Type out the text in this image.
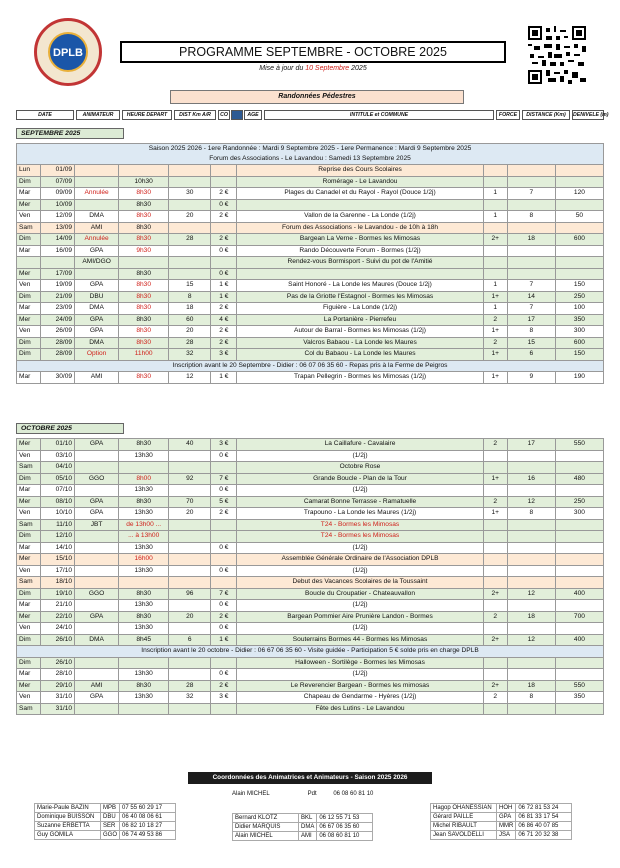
DPLB	PROGRAMME SEPTEMBRE - OCTOBRE 2025
Mise à jour du 10 Septembre 2025
Randonnées Pédestres
DATE	ANIMATEUR	HEURE DEPART	DIST Km A/R	CO	AGE	INTITULE et COMMUNE	FORCE	DISTANCE (Km)	DENIVELE (m)
SEPTEMBRE 2025
Saison 2025 2026 - 1ere Randonnée : Mardi 9 Septembre 2025 - 1ere Permanence : Mardi 9 Septembre 2025
Forum des Associations - Le Lavandou : Samedi 13 Septembre 2025									

Lun	01/09					Reprise des Cours Scolaires			
Dim	07/09		10h30			Romérage - Le Lavandou			
Mar	09/09	Annulée	8h30	30	2 €	Plages du Canadel et du Rayol - Rayol (Douce 1/2j)	1	7	120
Mer	10/09		8h30		0 €				
Ven	12/09	DMA	8h30	20	2 €	Vallon de la Garenne - La Londe (1/2j)	1	8	50
Sam	13/09	AMI	8h30			Forum des Associations - le Lavandou - de 10h à 18h			
Dim	14/09	Annulée	8h30	28	2 €	Bargean La Verne - Bormes les Mimosas	2+	18	600
Mar	16/09	GPA	9h30		0 €	Rando Découverte Forum - Bormes (1/2j)			
		AMI/DGO				Rendez-vous Bormisport - Suivi du pot de l'Amitié			
Mer	17/09		8h30		0 €				
Ven	19/09	GPA	8h30	15	1 €	Saint Honoré - La Londe les Maures (Douce 1/2j)	1	7	150
Dim	21/09	DBU	8h30	8	1 €	Pas de la Griotte l'Estagnol - Bormes les Mimosas	1+	14	250
Mar	23/09	DMA	8h30	18	2 €	Figuière - La Londe (1/2j)	1	7	100
Mer	24/09	GPA	8h30	60	4 €	La Portanière - Pierrefeu	2	17	350
Ven	26/09	GPA	8h30	20	2 €	Autour de Barral - Bormes les Mimosas (1/2j)	1+	8	300
Dim	28/09	DMA	8h30	28	2 €	Valcros Babaou - La Londe les Maures	2	15	600
Dim	28/09	Option	11h00	32	3 €	Col du Babaou - La Londe les Maures	1+	6	150

Inscription avant le 20 Septembre - Didier : 06 07 06 35 60 - Repas pris à la Ferme de Peigros									

Mar	30/09	AMI	8h30	12	1 €	Trapan Pellegrin - Bormes les Mimosas (1/2j)	1+	9	190
OCTOBRE 2025
Mer	01/10	GPA	8h30	40	3 €	La Caillafure - Cavalaire	2	17	550
Ven	03/10		13h30		0 €	(1/2j)			
Sam	04/10					Octobre Rose			
Dim	05/10	GGO	8h00	92	7 €	Grande Boucle - Plan de la Tour	1+	16	480
Mar	07/10		13h30		0 €	(1/2j)			
Mer	08/10	GPA	8h30	70	5 €	Camarat Bonne Terrasse - Ramatuelle	2	12	250
Ven	10/10	GPA	13h30	20	2 €	Trapouno - La Londe les Maures (1/2j)	1+	8	300
Sam	11/10	JBT	de 13h00 ...			T24 - Bormes les Mimosas			
Dim	12/10		... à 13h00			T24 - Bormes les Mimosas			
Mar	14/10		13h30		0 €	(1/2j)			
Mer	15/10		16h00			Assemblée Générale Ordinaire de l'Association DPLB			
Ven	17/10		13h30		0 €	(1/2j)			
Sam	18/10					Debut des Vacances Scolaires de la Toussaint			
Dim	19/10	GGO	8h30	96	7 €	Boucle du Croupatier - Chateauvallon	2+	12	400
Mar	21/10		13h30		0 €	(1/2j)			
Mer	22/10	GPA	8h30	20	2 €	Bargean Pommier Aire Prunière Landon - Bormes	2	18	700
Ven	24/10		13h30		0 €	(1/2j)			
Dim	26/10	DMA	8h45	6	1 €	Souterrains Bormes 44 - Bormes les Mimosas	2+	12	400

Inscription avant le 20 octobre - Didier : 06 67 06 35 60 - Visite guidée - Participation 5 € solde pris en charge DPLB									

Dim	26/10					Halloween - Sortilège - Bormes les Mimosas			
Mar	28/10		13h30		0 €	(1/2j)			
Mer	29/10	AMI	8h30	28	2 €	Le Reverencier Bargean - Bormes les mimosas	2+	18	550
Ven	31/10	GPA	13h30	32	3 €	Chapeau de Gendarme - Hyères (1/2j)	2	8	350
Sam	31/10					Fête des Lutins - Le Lavandou			
Coordonnées des Animatrices et Animateurs - Saison 2025 2026
Alain MICHEL	Pdt	06 08 60 81 10
Marie-Paule BAZIN	MPB	07 55 60 29 17
Dominique BUISSON	DBU	06 40 08 06 61
Suzanne ERBETTA	SER	06 82 10 18 27
Guy GOMILA	GGO	06 74 49 53 86
Bernard KLOTZ	BKL	06 12 55 71 53
Didier MARQUIS	DMA	06 67 06 35 60
Alain MICHEL	AMI	06 08 60 81 10
Hagop OHANESSIAN	HOH	06 72 81 53 24
Gérard PAILLE	GPA	06 81 33 17 54
Michel RIBAULT	MMR	06 86 40 07 85
Jean SAVOLDELLI	JSA	06 71 20 32 38
